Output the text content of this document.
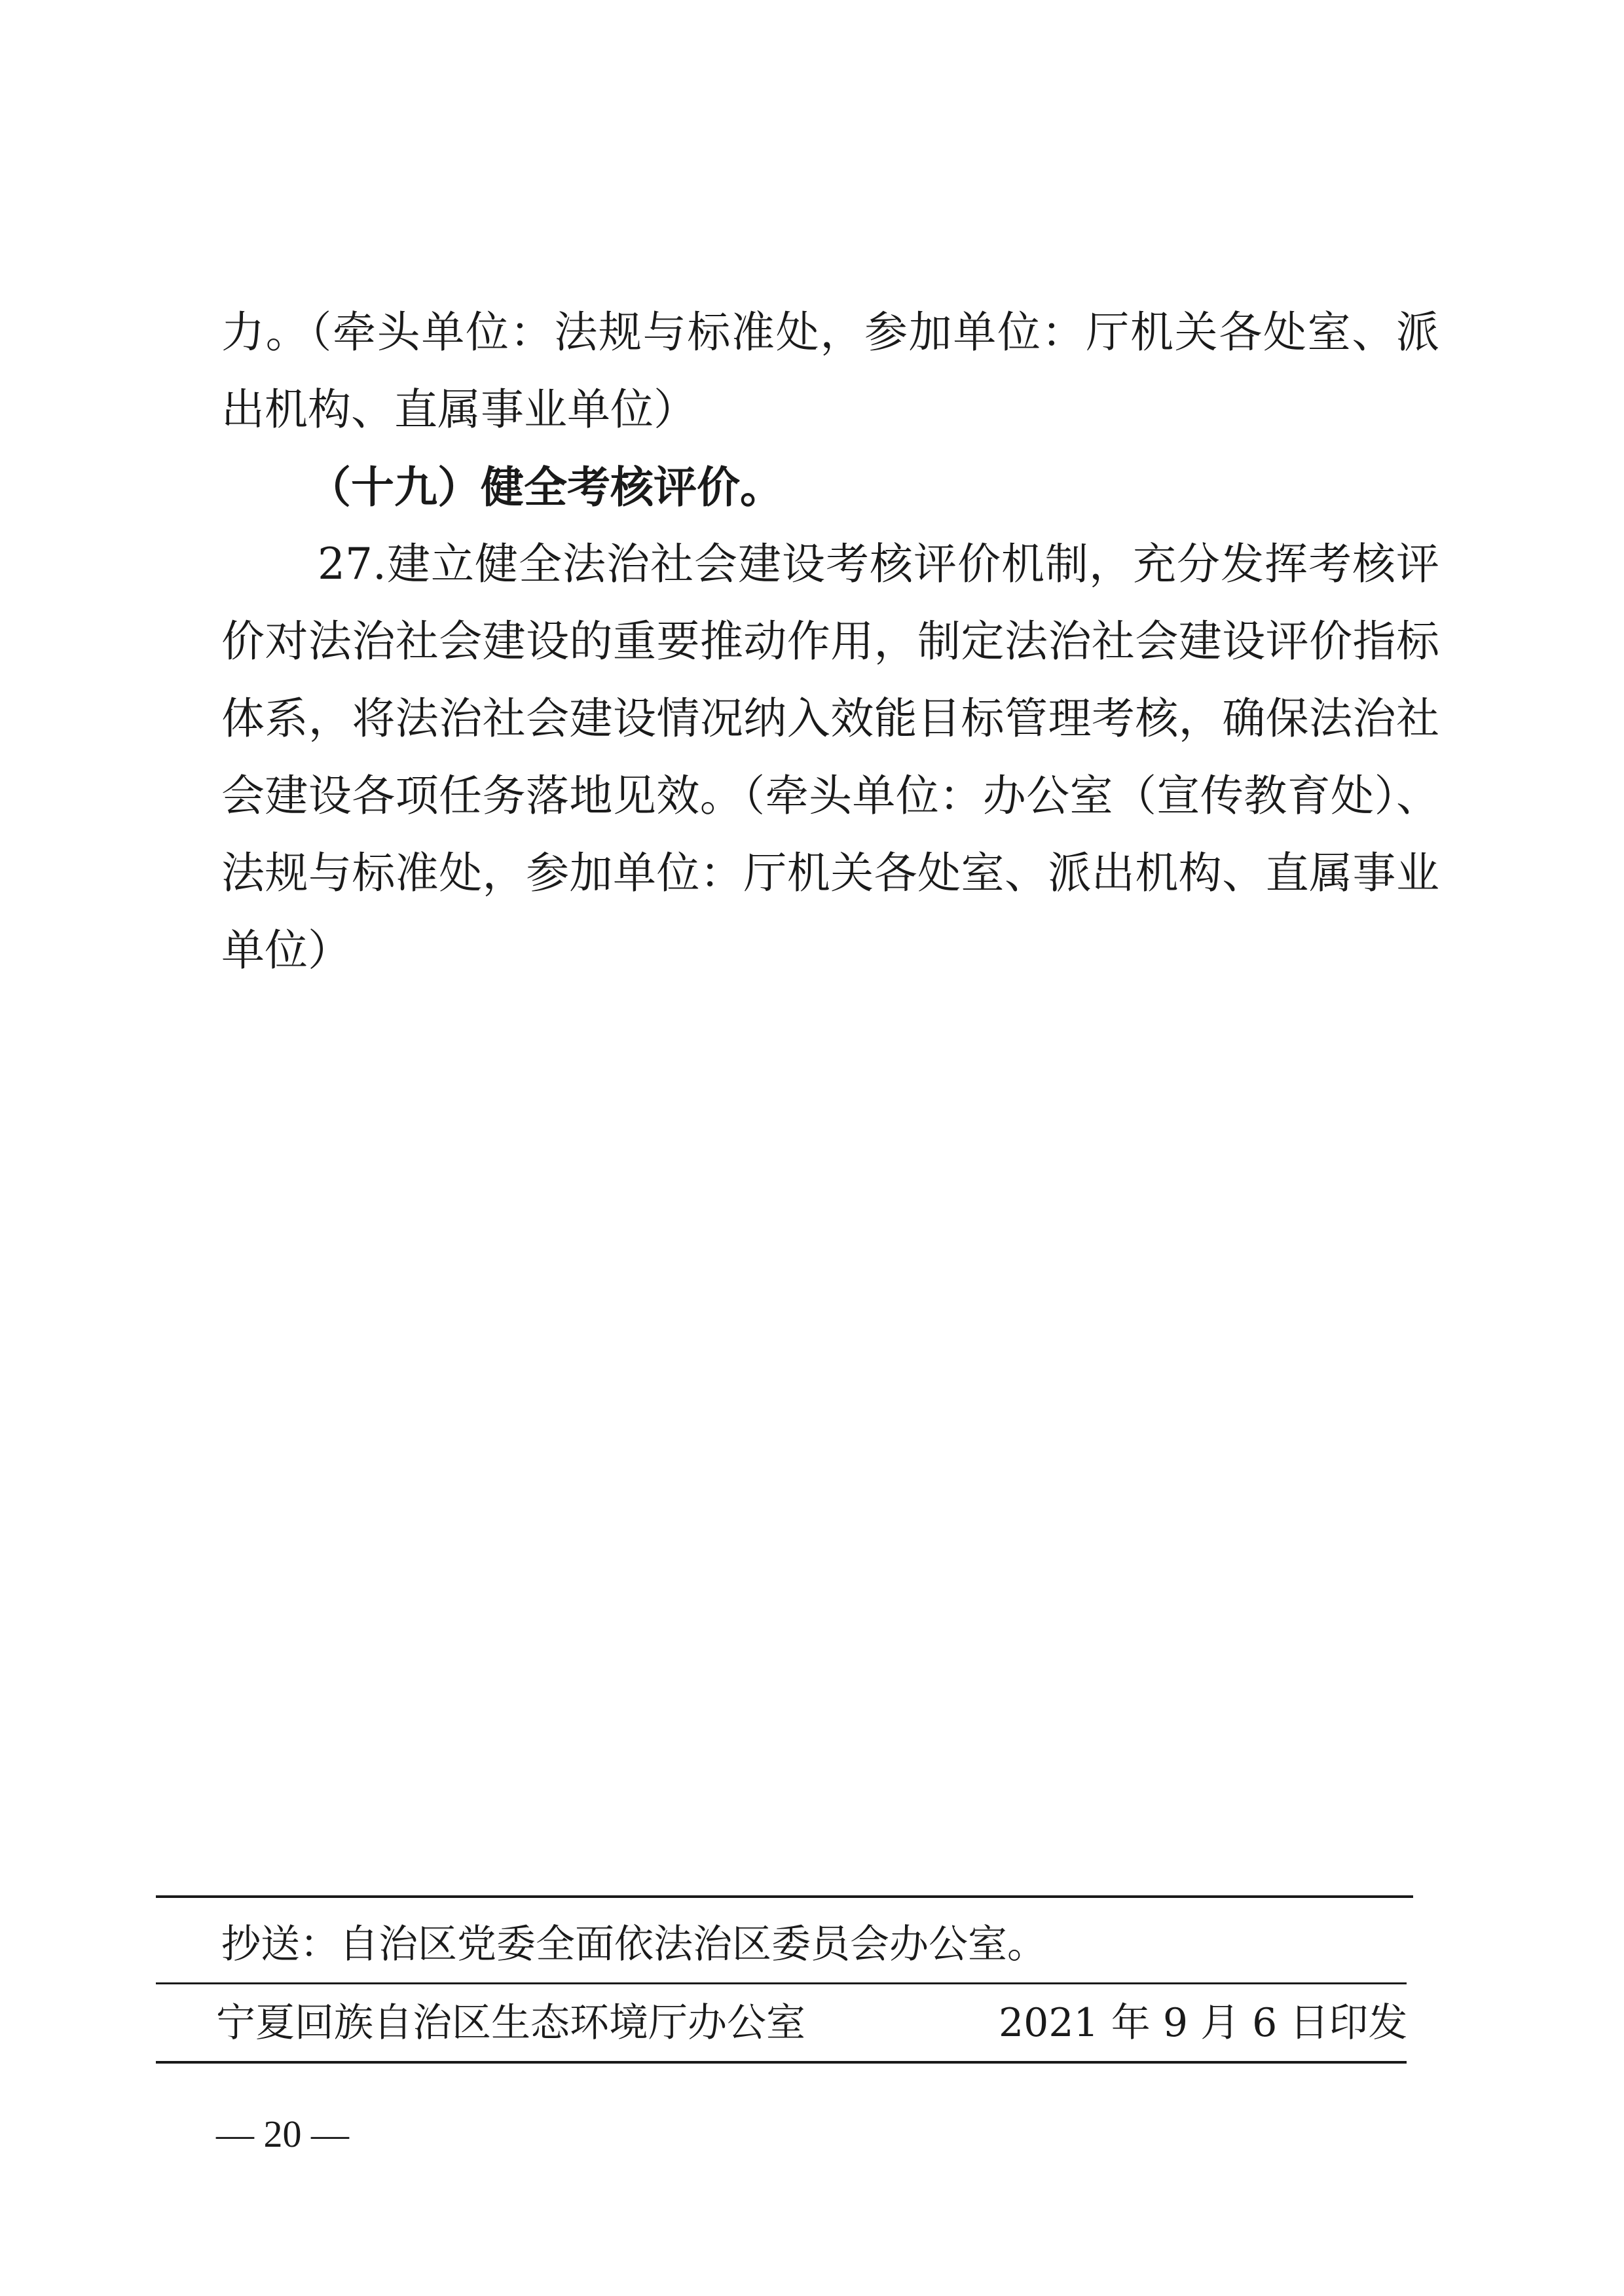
力。（牵头单位：法规与标准处，参加单位：厅机关各处室、派
出机构、直属事业单位）
（十九）健全考核评价。
27.建立健全法治社会建设考核评价机制，充分发挥考核评
价对法治社会建设的重要推动作用，制定法治社会建设评价指标
体系，将法治社会建设情况纳入效能目标管理考核，确保法治社
会建设各项任务落地见效。（牵头单位：办公室（宣传教育处）、
法规与标准处，参加单位：厅机关各处室、派出机构、直属事业
单位）
抄送：自治区党委全面依法治区委员会办公室。
宁夏回族自治区生态环境厅办公室	2021 年 9 月 6 日印发
— 20 —
